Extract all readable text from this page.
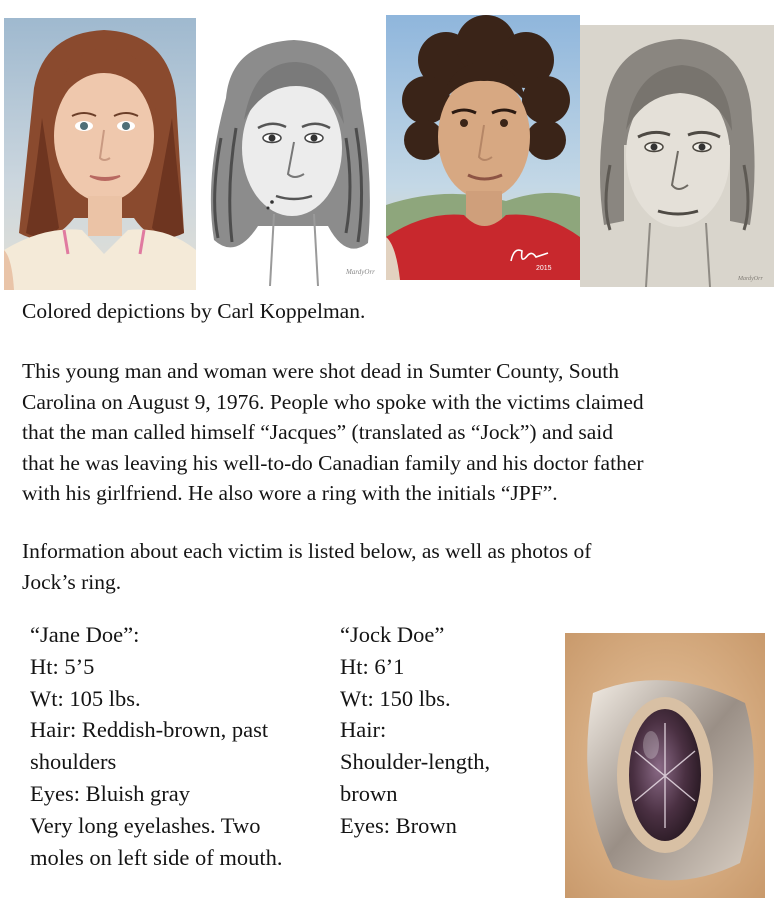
MardyOrr	2015
MardyOrr

Colored depictions by Carl Koppelman.

This young man and woman were shot dead in Sumter County, South
Carolina on August 9, 1976. People who spoke with the victims claimed
that the man called himself “Jacques” (translated as “Jock”) and said
that he was leaving his well-to-do Canadian family and his doctor father
with his girlfriend. He also wore a ring with the initials “JPF”.
Information about each victim is listed below, as well as photos of
Jock’s ring.
“Jane Doe”:
Ht: 5’5
Wt: 105 lbs.
Hair: Reddish-brown, past
shoulders
Eyes: Bluish gray
Very long eyelashes. Two
moles on left side of mouth.
“Jock Doe”
Ht: 6’1
Wt: 150 lbs.
Hair:
Shoulder-length,
brown
Eyes: Brown
